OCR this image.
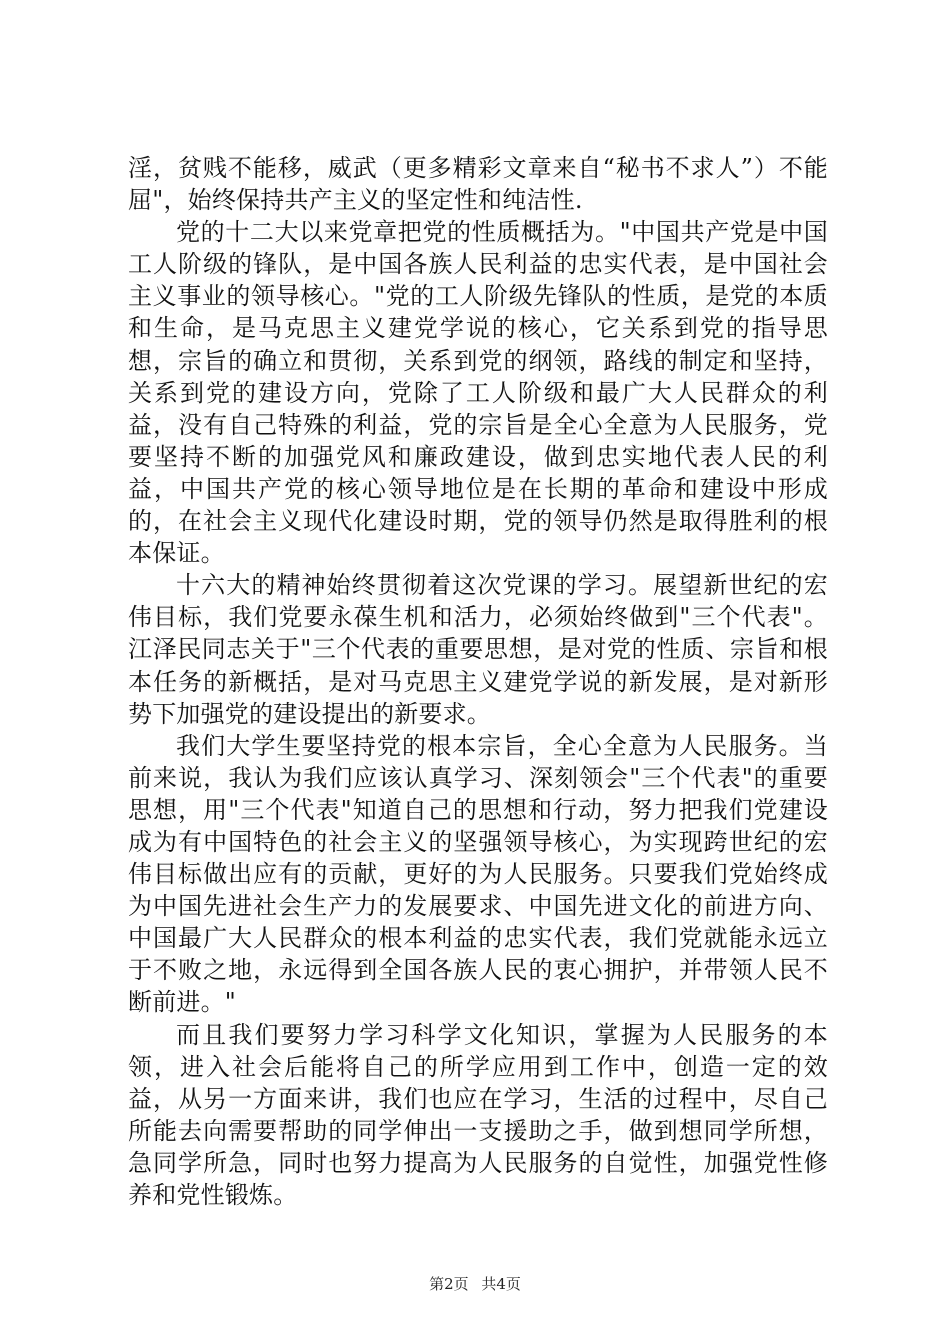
淫，贫贱不能移，威武（更多精彩文章来自“秘书不求人”）不能屈"，始终保持共产主义的坚定性和纯洁性.

党的十二大以来党章把党的性质概括为。"中国共产党是中国工人阶级的锋队，是中国各族人民利益的忠实代表，是中国社会主义事业的领导核心。"党的工人阶级先锋队的性质，是党的本质和生命，是马克思主义建党学说的核心，它关系到党的指导思想，宗旨的确立和贯彻，关系到党的纲领，路线的制定和坚持，关系到党的建设方向，党除了工人阶级和最广大人民群众的利益，没有自己特殊的利益，党的宗旨是全心全意为人民服务，党要坚持不断的加强党风和廉政建设，做到忠实地代表人民的利益，中国共产党的核心领导地位是在长期的革命和建设中形成的，在社会主义现代化建设时期，党的领导仍然是取得胜利的根本保证。

十六大的精神始终贯彻着这次党课的学习。展望新世纪的宏伟目标，我们党要永葆生机和活力，必须始终做到"三个代表"。江泽民同志关于"三个代表的重要思想，是对党的性质、宗旨和根本任务的新概括，是对马克思主义建党学说的新发展，是对新形势下加强党的建设提出的新要求。

我们大学生要坚持党的根本宗旨，全心全意为人民服务。当前来说，我认为我们应该认真学习、深刻领会"三个代表"的重要思想，用"三个代表"知道自己的思想和行动，努力把我们党建设成为有中国特色的社会主义的坚强领导核心，为实现跨世纪的宏伟目标做出应有的贡献，更好的为人民服务。只要我们党始终成为中国先进社会生产力的发展要求、中国先进文化的前进方向、中国最广大人民群众的根本利益的忠实代表，我们党就能永远立于不败之地，永远得到全国各族人民的衷心拥护，并带领人民不断前进。"

而且我们要努力学习科学文化知识，掌握为人民服务的本领，进入社会后能将自己的所学应用到工作中，创造一定的效益，从另一方面来讲，我们也应在学习，生活的过程中，尽自己所能去向需要帮助的同学伸出一支援助之手，做到想同学所想，急同学所急，同时也努力提高为人民服务的自觉性，加强党性修养和党性锻炼。

第2页 共4页
